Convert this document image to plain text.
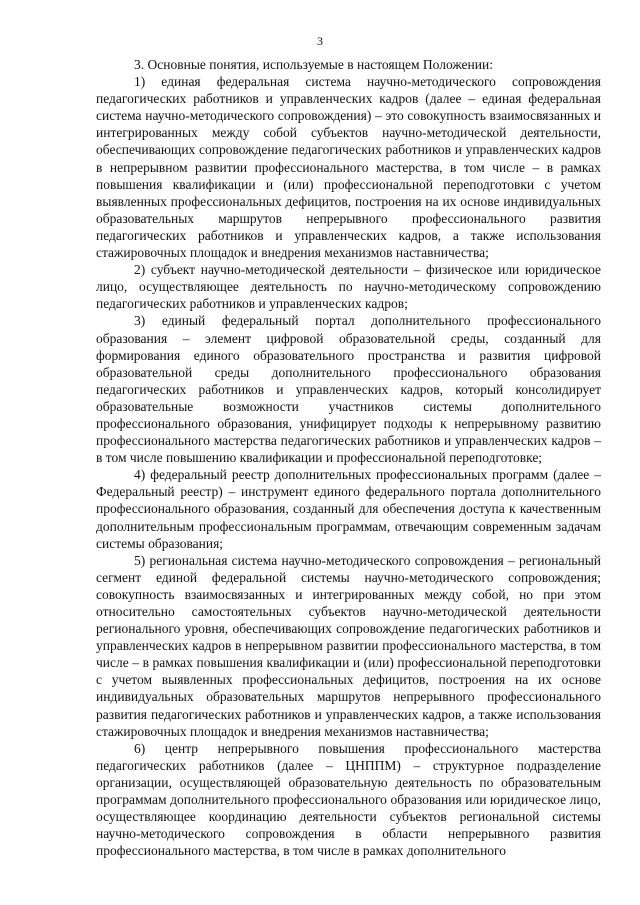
3

3. Основные понятия, используемые в настоящем Положении:

1) единая федеральная система научно-методического сопровождения педагогических работников и управленческих кадров (далее – единая федеральная система научно-методического сопровождения) – это совокупность взаимосвязанных и интегрированных между собой субъектов научно-методической деятельности, обеспечивающих сопровождение педагогических работников и управленческих кадров в непрерывном развитии профессионального мастерства, в том числе – в рамках повышения квалификации и (или) профессиональной переподготовки с учетом выявленных профессиональных дефицитов, построения на их основе индивидуальных образовательных маршрутов непрерывного профессионального развития педагогических работников и управленческих кадров, а также использования стажировочных площадок и внедрения механизмов наставничества;

2) субъект научно-методической деятельности – физическое или юридическое лицо, осуществляющее деятельность по научно-методическому сопровождению педагогических работников и управленческих кадров;

3) единый федеральный портал дополнительного профессионального образования – элемент цифровой образовательной среды, созданный для формирования единого образовательного пространства и развития цифровой образовательной среды дополнительного профессионального образования педагогических работников и управленческих кадров, который консолидирует образовательные возможности участников системы дополнительного профессионального образования, унифицирует подходы к непрерывному развитию профессионального мастерства педагогических работников и управленческих кадров – в том числе повышению квалификации и профессиональной переподготовке;

4) федеральный реестр дополнительных профессиональных программ (далее – Федеральный реестр) – инструмент единого федерального портала дополнительного профессионального образования, созданный для обеспечения доступа к качественным дополнительным профессиональным программам, отвечающим современным задачам системы образования;

5) региональная система научно-методического сопровождения – региональный сегмент единой федеральной системы научно-методического сопровождения; совокупность взаимосвязанных и интегрированных между собой, но при этом относительно самостоятельных субъектов научно-методической деятельности регионального уровня, обеспечивающих сопровождение педагогических работников и управленческих кадров в непрерывном развитии профессионального мастерства, в том числе – в рамках повышения квалификации и (или) профессиональной переподготовки с учетом выявленных профессиональных дефицитов, построения на их основе индивидуальных образовательных маршрутов непрерывного профессионального развития педагогических работников и управленческих кадров, а также использования стажировочных площадок и внедрения механизмов наставничества;

6) центр непрерывного повышения профессионального мастерства педагогических работников (далее – ЦНППМ) – структурное подразделение организации, осуществляющей образовательную деятельность по образовательным программам дополнительного профессионального образования или юридическое лицо, осуществляющее координацию деятельности субъектов региональной системы научно-методического сопровождения в области непрерывного развития профессионального мастерства, в том числе в рамках дополнительного
